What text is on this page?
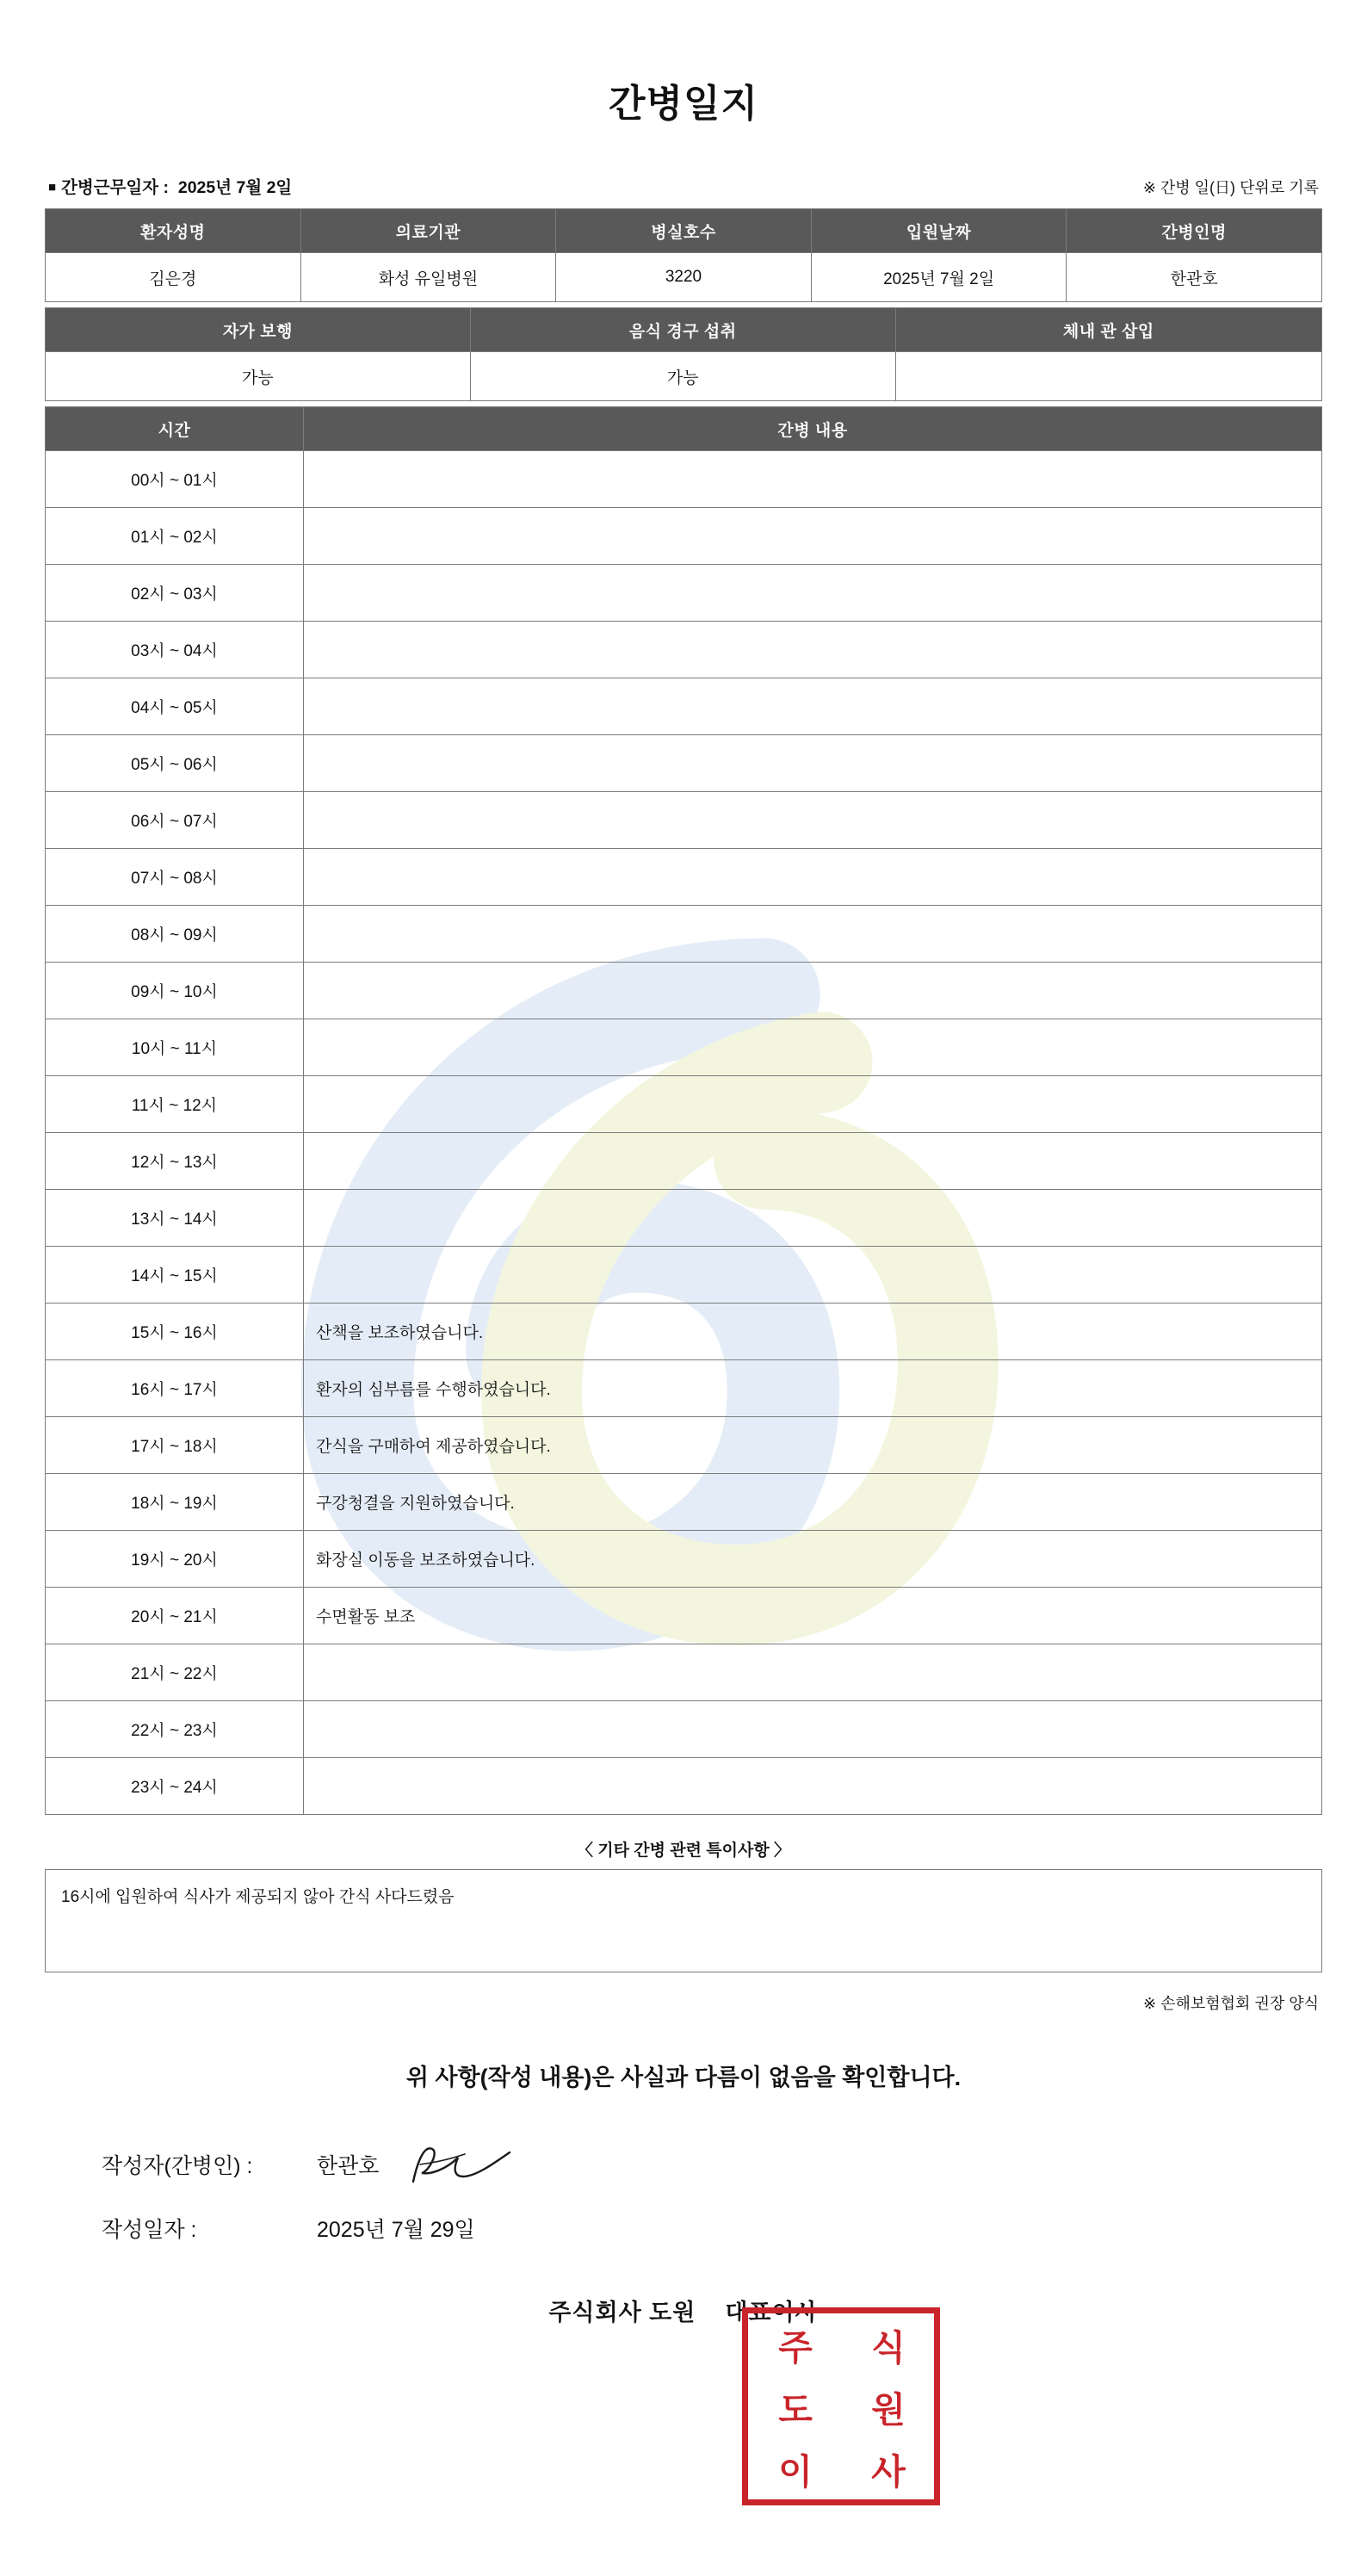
간병일지
■ 간병근무일자 : 2025년 7월 2일	※ 간병 일(日) 단위로 기록
환자성명	의료기관	병실호수	입원날짜	간병인명
김은경	화성 유일병원	3220	2025년 7월 2일	한관호
자가 보행	음식 경구 섭취	체내 관 삽입
가능	가능	
시간	간병 내용
00시 ~ 01시	
01시 ~ 02시	
02시 ~ 03시	
03시 ~ 04시	
04시 ~ 05시	
05시 ~ 06시	
06시 ~ 07시	
07시 ~ 08시	
08시 ~ 09시	
09시 ~ 10시	
10시 ~ 11시	
11시 ~ 12시	
12시 ~ 13시	
13시 ~ 14시	
14시 ~ 15시	
15시 ~ 16시	산책을 보조하였습니다.
16시 ~ 17시	환자의 심부름를 수행하였습니다.
17시 ~ 18시	간식을 구매하여 제공하였습니다.
18시 ~ 19시	구강청결을 지원하였습니다.
19시 ~ 20시	화장실 이동을 보조하였습니다.
20시 ~ 21시	수면활동 보조
21시 ~ 22시	
22시 ~ 23시	
23시 ~ 24시	
〈 기타 간병 관련 특이사항 〉
16시에 입원하여 식사가 제공되지 않아 간식 사다드렸음
※ 손해보험협회 권장 양식
위 사항(작성 내용)은 사실과 다름이 없음을 확인합니다.
작성자(간병인) :	한관호
작성일자 :	2025년 7월 29일
주식회사 도원 대표이사
주	식
도	원
이	사
